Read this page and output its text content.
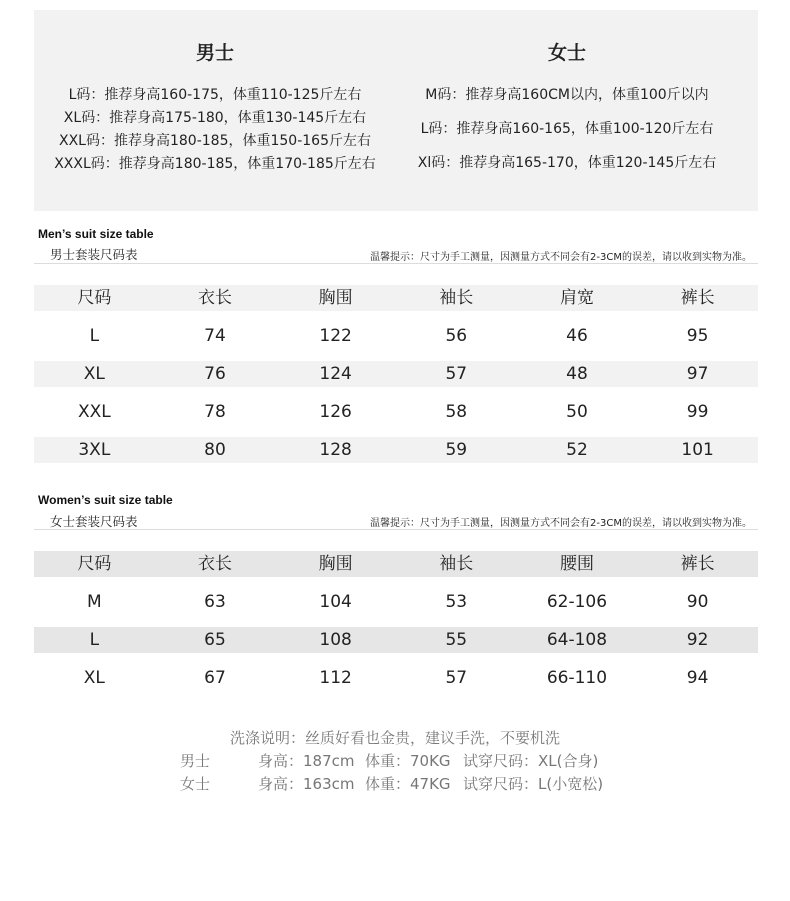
男士
L码：推荐身高160-175，体重110-125斤左右
XL码：推荐身高175-180，体重130-145斤左右
XXL码：推荐身高180-185，体重150-165斤左右
XXXL码：推荐身高180-185，体重170-185斤左右
女士
M码：推荐身高160CM以内，体重100斤以内
L码：推荐身高160-165，体重100-120斤左右
Xl码：推荐身高165-170，体重120-145斤左右
Men’s suit size table
男士套装尺码表	温馨提示：尺寸为手工测量，因测量方式不同会有2-3CM的误差，请以收到实物为准。
尺码	衣长	胸围	袖长	肩宽	裤长
L	74	122	56	46	95
XL	76	124	57	48	97
XXL	78	126	58	50	99
3XL	80	128	59	52	101
Women’s suit size table
女士套装尺码表	温馨提示：尺寸为手工测量，因测量方式不同会有2-3CM的误差，请以收到实物为准。
尺码	衣长	胸围	袖长	腰围	裤长
M	63	104	53	62-106	90
L	65	108	55	64-108	92
XL	67	112	57	66-110	94
洗涤说明：丝质好看也金贵，建议手洗，不要机洗
男士	身高：187cm 体重：70KG 试穿尺码：XL(合身)
女士	身高：163cm 体重：47KG 试穿尺码：L(小宽松)
